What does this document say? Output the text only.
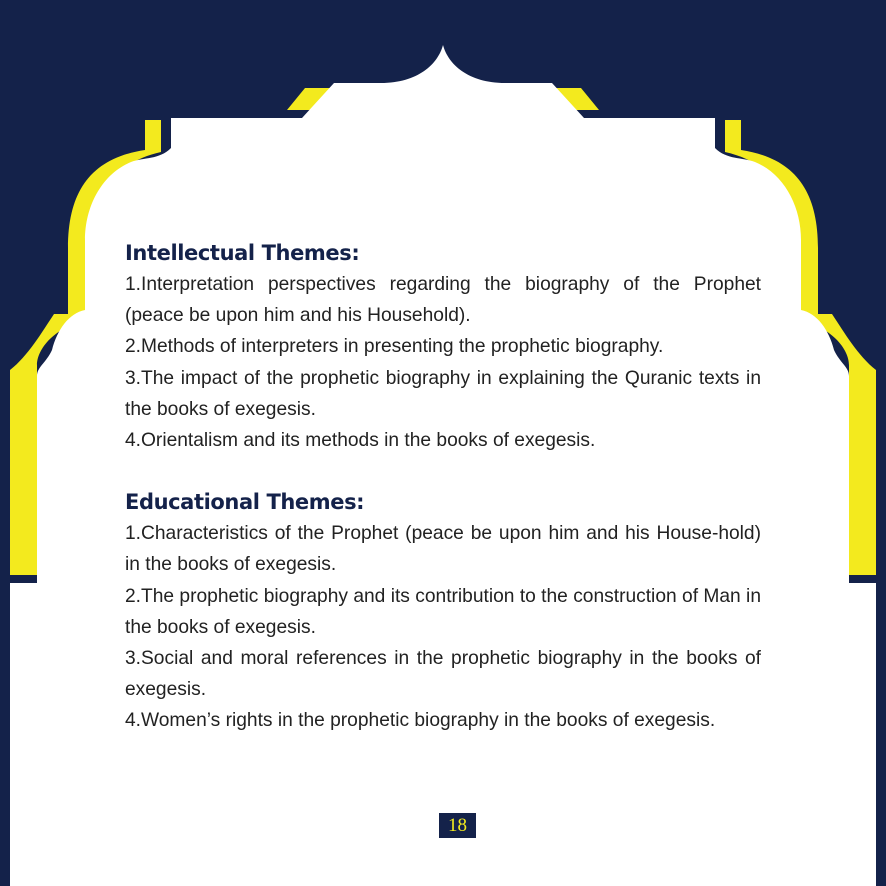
Intellectual Themes:
1.Interpretation perspectives regarding the biography of the Prophet (peace be upon him and his Household).
2.Methods of interpreters in presenting the prophetic biography.
3.The impact of the prophetic biography in explaining the Quranic texts in the books of exegesis.
4.Orientalism and its methods in the books of exegesis.
Educational Themes:
1.Characteristics of the Prophet (peace be upon him and his House-hold) in the books of exegesis.
2.The prophetic biography and its contribution to the construction of Man in the books of exegesis.
3.Social and moral references in the prophetic biography in the books of exegesis.
4.Women’s rights in the prophetic biography in the books of exegesis.
18
